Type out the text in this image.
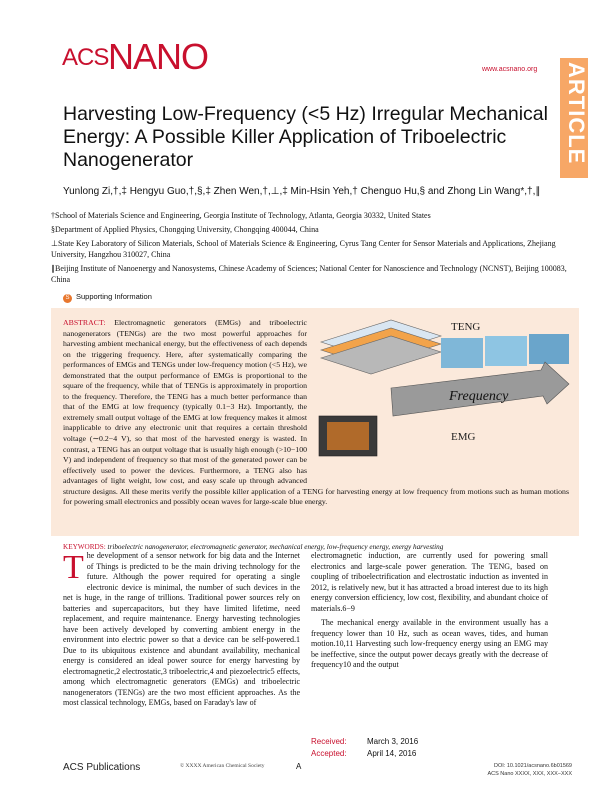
ACS NANO	www.acsnano.org ARTICLE
Harvesting Low-Frequency (<5 Hz) Irregular Mechanical Energy: A Possible Killer Application of Triboelectric Nanogenerator
Yunlong Zi,†,‡ Hengyu Guo,†,§,‡ Zhen Wen,†,⊥,‡ Min-Hsin Yeh,† Chenguo Hu,§ and Zhong Lin Wang*,†,∥
†School of Materials Science and Engineering, Georgia Institute of Technology, Atlanta, Georgia 30332, United States
§Department of Applied Physics, Chongqing University, Chongqing 400044, China
⊥State Key Laboratory of Silicon Materials, School of Materials Science & Engineering, Cyrus Tang Center for Sensor Materials and Applications, Zhejiang University, Hangzhou 310027, China
∥Beijing Institute of Nanoenergy and Nanosystems, Chinese Academy of Sciences; National Center for Nanoscience and Technology (NCNST), Beijing 100083, China
S Supporting Information
TENG
Frequency
EMG
ABSTRACT: Electromagnetic generators (EMGs) and triboelectric nanogenerators (TENGs) are the two most powerful approaches for harvesting ambient mechanical energy, but the effectiveness of each depends on the triggering frequency. Here, after systematically comparing the performances of EMGs and TENGs under low-frequency motion (<5 Hz), we demonstrated that the output performance of EMGs is proportional to the square of the frequency, while that of TENGs is approximately in proportion to the frequency. Therefore, the TENG has a much better performance than that of the EMG at low frequency (typically 0.1−3 Hz). Importantly, the extremely small output voltage of the EMG at low frequency makes it almost inapplicable to drive any electronic unit that requires a certain threshold voltage (∼0.2−4 V), so that most of the harvested energy is wasted. In contrast, a TENG has an output voltage that is usually high enough (>10−100 V) and independent of frequency so that most of the generated power can be effectively used to power the devices. Furthermore, a TENG also has advantages of light weight, low cost, and easy scale up through advanced structure designs. All these merits verify the possible killer application of a TENG for harvesting energy at low frequency from motions such as human motions for powering small electronics and possibly ocean waves for large-scale blue energy.
KEYWORDS: triboelectric nanogenerator, electromagnetic generator, mechanical energy, low-frequency energy, energy harvesting
The development of a sensor network for big data and the Internet of Things is predicted to be the main driving technology for the future. Although the power required for operating a single electronic device is minimal, the number of such devices in the net is huge, in the range of trillions. Traditional power sources rely on batteries and supercapacitors, but they have limited lifetime, need replacement, and require maintenance. Energy harvesting technologies have been actively developed by converting ambient energy in the environment into electric power so that a device can be self-powered.1 Due to its ubiquitous existence and abundant availability, mechanical energy is considered an ideal power source for energy harvesting by electromagnetic,2 electrostatic,3 triboelectric,4 and piezoelectric5 effects, among which electromagnetic generators (EMGs) and triboelectric nanogenerators (TENGs) are the two most efficient approaches. As the most classical technology, EMGs, based on Faraday's law of
electromagnetic induction, are currently used for powering small electronics and large-scale power generation. The TENG, based on coupling of triboelectrification and electrostatic induction as invented in 2012, is relatively new, but it has attracted a broad interest due to its high energy conversion efficiency, low cost, flexibility, and abundant choice of materials.6−9
The mechanical energy available in the environment usually has a frequency lower than 10 Hz, such as ocean waves, tides, and human motion.10,11 Harvesting such low-frequency energy using an EMG may be ineffective, since the output power decays greatly with the decrease of frequency10 and the output
Received:	March 3, 2016
Accepted:	April 14, 2016
ACS Publications	© XXXX American Chemical Society	A	DOI: 10.1021/acsnano.6b01569
ACS Nano XXXX, XXX, XXX−XXX
